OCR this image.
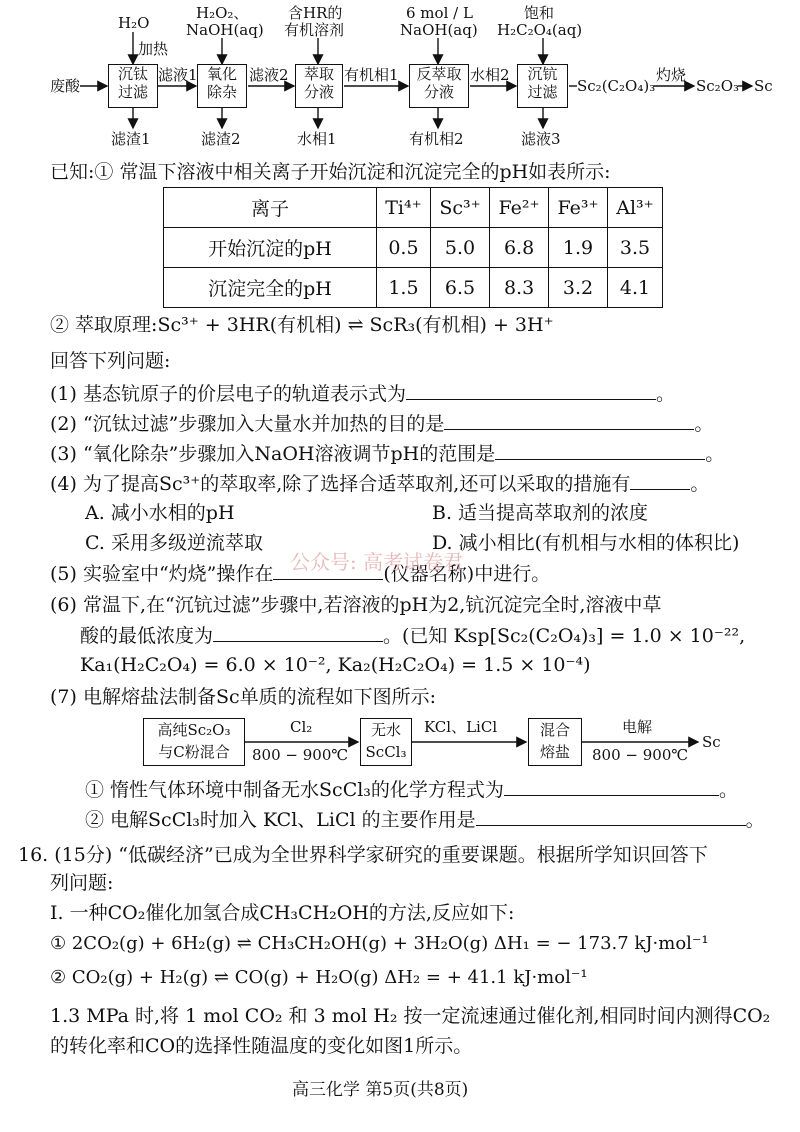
H₂O
加热
H₂O₂、
NaOH(aq)
含HR的
有机溶剂
6 mol / L
NaOH(aq)
饱和
H₂C₂O₄(aq)
废酸
沉钛
过滤
氧化
除杂
萃取
分液
反萃取
分液
沉钪
过滤
滤液1	滤液2	有机相1	水相2
Sc₂(C₂O₄)₃
灼烧
Sc₂O₃ Sc
滤渣1	滤渣2	水相1	有机相2	滤液3
已知:① 常温下溶液中相关离子开始沉淀和沉淀完全的pH如表所示:
离子	Ti⁴⁺	Sc³⁺	Fe²⁺	Fe³⁺	Al³⁺
开始沉淀的pH	0.5	5.0	6.8	1.9	3.5
沉淀完全的pH	1.5	6.5	8.3	3.2	4.1
② 萃取原理:Sc³⁺ + 3HR(有机相) ⇌ ScR₃(有机相) + 3H⁺
回答下列问题:
(1) 基态钪原子的价层电子的轨道表示式为	。
(2) “沉钛过滤”步骤加入大量水并加热的目的是	。
(3) “氧化除杂”步骤加入NaOH溶液调节pH的范围是	。
(4) 为了提高Sc³⁺的萃取率,除了选择合适萃取剂,还可以采取的措施有	。
A. 减小水相的pH	B. 适当提高萃取剂的浓度
C. 采用多级逆流萃取	D. 减小相比(有机相与水相的体积比)
(5) 实验室中“灼烧”操作在	(仪器名称)中进行。
(6) 常温下,在“沉钪过滤”步骤中,若溶液的pH为2,钪沉淀完全时,溶液中草
酸的最低浓度为	。(已知 Ksp[Sc₂(C₂O₄)₃] = 1.0 × 10⁻²²,
Ka₁(H₂C₂O₄) = 6.0 × 10⁻², Ka₂(H₂C₂O₄) = 1.5 × 10⁻⁴)
(7) 电解熔盐法制备Sc单质的流程如下图所示:
高纯Sc₂O₃
与C粉混合
Cl₂
800 − 900℃
无水
ScCl₃
KCl、LiCl	混合
熔盐
电解
800 − 900℃
Sc
① 惰性气体环境中制备无水ScCl₃的化学方程式为	。
② 电解ScCl₃时加入 KCl、LiCl 的主要作用是	。
16. (15分) “低碳经济”已成为全世界科学家研究的重要课题。根据所学知识回答下
列问题:
I. 一种CO₂催化加氢合成CH₃CH₂OH的方法,反应如下:
① 2CO₂(g) + 6H₂(g) ⇌ CH₃CH₂OH(g) + 3H₂O(g) ΔH₁ = − 173.7 kJ·mol⁻¹
② CO₂(g) + H₂(g) ⇌ CO(g) + H₂O(g) ΔH₂ = + 41.1 kJ·mol⁻¹
1.3 MPa 时,将 1 mol CO₂ 和 3 mol H₂ 按一定流速通过催化剂,相同时间内测得CO₂
的转化率和CO的选择性随温度的变化如图1所示。
高三化学 第5页(共8页)
公众号: 高考试卷君
